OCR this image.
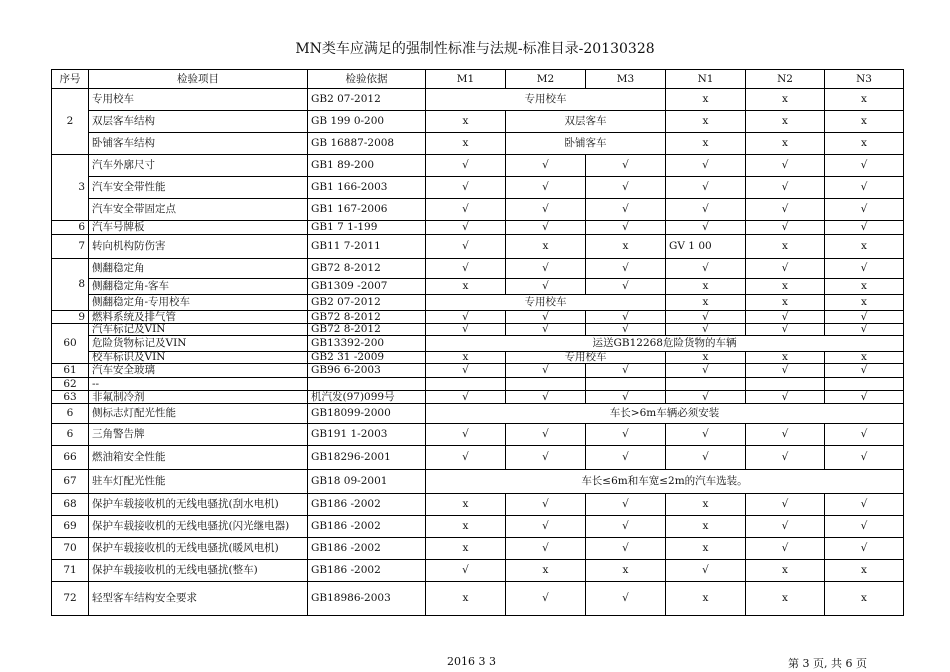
MN类车应满足的强制性标准与法规-标准目录-20130328
序号	检验项目	检验依据	M1	M2	M3	N1	N2	N3
2	专用校车	GB2 07-2012	专用校车			x	x	x
	双层客车结构	GB 199 0-200	x	双层客车		x	x	x
	卧铺客车结构	GB 16887-2008	x	卧铺客车		x	x	x
3	汽车外廓尺寸	GB1 89-200	√	√	√	√	√	√
	汽车安全带性能	GB1 166-2003	√	√	√	√	√	√
	汽车安全带固定点	GB1 167-2006	√	√	√	√	√	√
6	汽车号牌板	GB1 7 1-199	√	√	√	√	√	√
7	转向机构防伤害	GB11 7-2011	√	x	x	GV 1 00	x	x
8	侧翻稳定角	GB72 8-2012	√	√	√	√	√	√
	侧翻稳定角-客车	GB1309 -2007	x	√	√	x	x	x
	侧翻稳定角-专用校车	GB2 07-2012	专用校车			x	x	x
9	燃料系统及排气管	GB72 8-2012	√	√	√	√	√	√
60	汽车标记及VIN	GB72 8-2012	√	√	√	√	√	√
	危险货物标记及VIN	GB13392-200	运送GB12268危险货物的车辆					
	校车标识及VIN	GB2 31 -2009	x	专用校车		x	x	x
61	汽车安全玻璃	GB96 6-2003	√	√	√	√	√	√
62	--							
63	非氟制冷剂	机汽发(97)099号	√	√	√	√	√	√
6	侧标志灯配光性能	GB18099-2000	车长>6m车辆必须安装					
6	三角警告牌	GB191 1-2003	√	√	√	√	√	√
66	燃油箱安全性能	GB18296-2001	√	√	√	√	√	√
67	驻车灯配光性能	GB18 09-2001	车长≤6m和车宽≤2m的汽车选装。					
68	保护车载接收机的无线电骚扰(刮水电机)	GB186 -2002	x	√	√	x	√	√
69	保护车载接收机的无线电骚扰(闪光继电器)	GB186 -2002	x	√	√	x	√	√
70	保护车载接收机的无线电骚扰(暖风电机)	GB186 -2002	x	√	√	x	√	√
71	保护车载接收机的无线电骚扰(整车)	GB186 -2002	√	x	x	√	x	x
72	轻型客车结构安全要求	GB18986-2003	x	√	√	x	x	x
2016 3 3	第 3 页, 共 6 页
